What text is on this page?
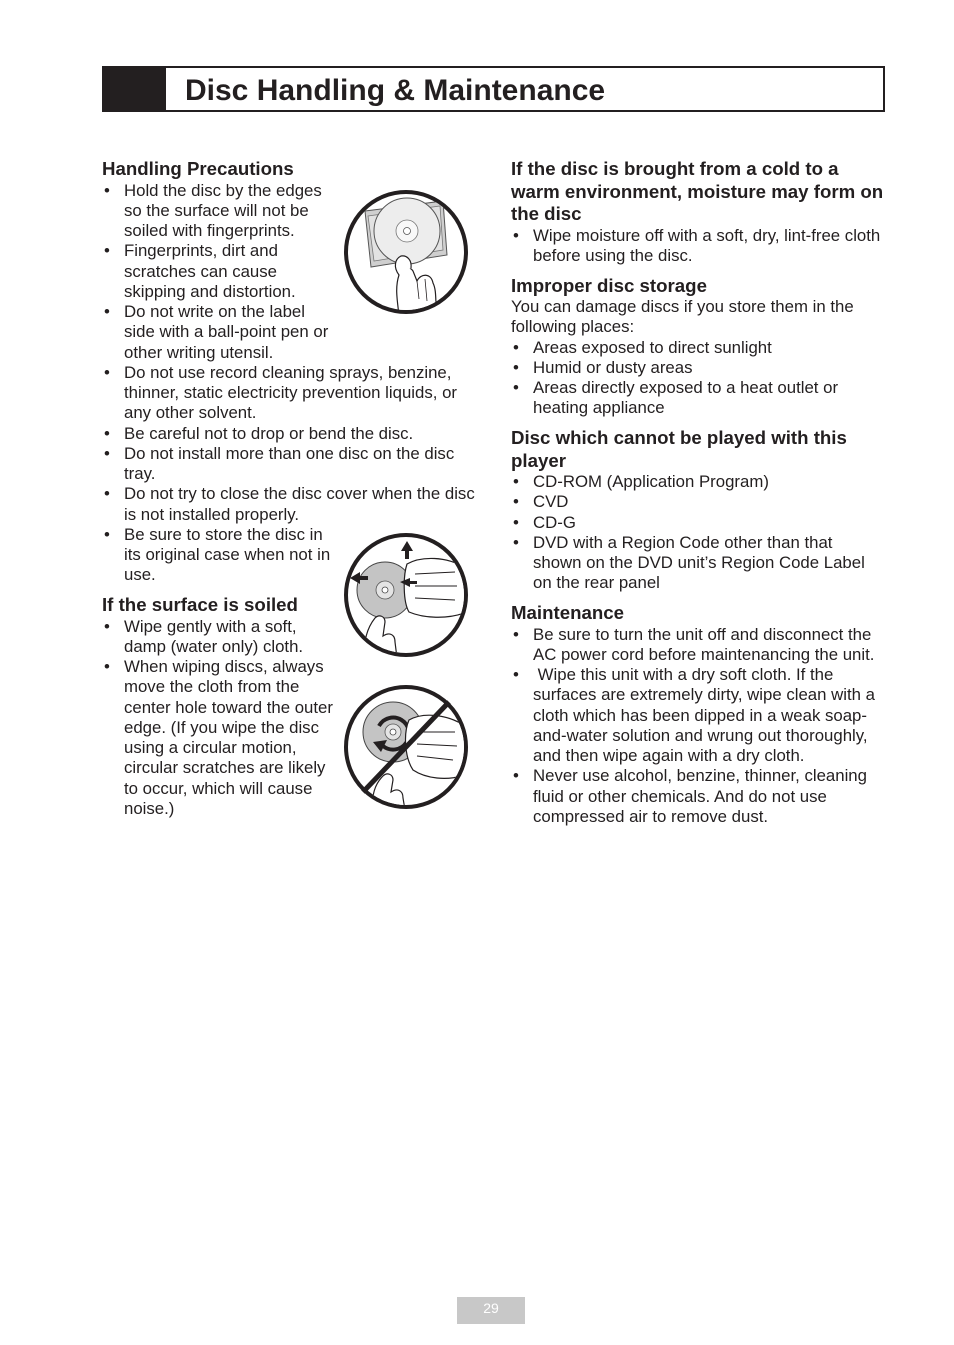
Disc Handling & Maintenance
Handling Precautions
• Hold the disc by the edges
so the surface will not be
soiled with fingerprints.
• Fingerprints, dirt and
scratches can cause
skipping and distortion.
• Do not write on the label
side with a ball-point pen or
other writing utensil.
• Do not use record cleaning sprays, benzine,
thinner, static electricity prevention liquids, or
any other solvent.
• Be careful not to drop or bend the disc.
• Do not install more than one disc on the disc
tray.
• Do not try to close the disc cover when the disc
is not installed properly.
• Be sure to store the disc in
its original case when not in
use.
If the surface is soiled
• Wipe gently with a soft,
damp (water only) cloth.
• When wiping discs, always
move the cloth from the
center hole toward the outer
edge. (If you wipe the disc
using a circular motion,
circular scratches are likely
to occur, which will cause
noise.)
If the disc is brought from a cold to a
warm environment, moisture may form on
the disc
• Wipe moisture off with a soft, dry, lint-free cloth
before using the disc.
Improper disc storage

You can damage discs if you store them in the
following places:

• Areas exposed to direct sunlight
• Humid or dusty areas
• Areas directly exposed to a heat outlet or
heating appliance
Disc which cannot be played with this
player
• CD-ROM (Application Program)
• CVD
• CD-G
• DVD with a Region Code other than that
shown on the DVD unit’s Region Code Label
on the rear panel
Maintenance
• Be sure to turn the unit off and disconnect the
AC power cord before maintenancing the unit.
•  Wipe this unit with a dry soft cloth. If the
surfaces are extremely dirty, wipe clean with a
cloth which has been dipped in a weak soap-
and-water solution and wrung out thoroughly,
and then wipe again with a dry cloth.
• Never use alcohol, benzine, thinner, cleaning
fluid or other chemicals. And do not use
compressed air to remove dust.
29
